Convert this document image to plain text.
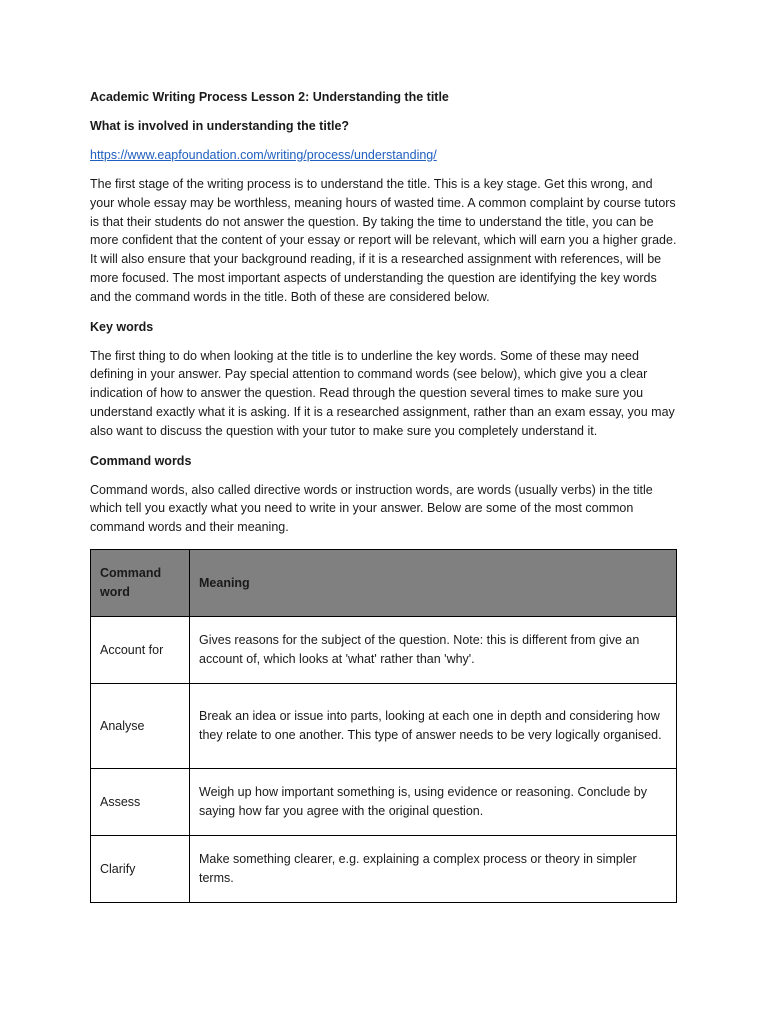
Academic Writing Process Lesson 2: Understanding the title
What is involved in understanding the title?
https://www.eapfoundation.com/writing/process/understanding/

The first stage of the writing process is to understand the title. This is a key stage. Get this wrong, and your whole essay may be worthless, meaning hours of wasted time. A common complaint by course tutors is that their students do not answer the question. By taking the time to understand the title, you can be more confident that the content of your essay or report will be relevant, which will earn you a higher grade. It will also ensure that your background reading, if it is a researched assignment with references, will be more focused. The most important aspects of understanding the question are identifying the key words and the command words in the title. Both of these are considered below.

Key words

The first thing to do when looking at the title is to underline the key words. Some of these may need defining in your answer. Pay special attention to command words (see below), which give you a clear indication of how to answer the question. Read through the question several times to make sure you understand exactly what it is asking. If it is a researched assignment, rather than an exam essay, you may also want to discuss the question with your tutor to make sure you completely understand it.

Command words

Command words, also called directive words or instruction words, are words (usually verbs) in the title which tell you exactly what you need to write in your answer. Below are some of the most common command words and their meaning.

Command word	Meaning
Account for	Gives reasons for the subject of the question. Note: this is different from give an account of, which looks at 'what' rather than 'why'.
Analyse	Break an idea or issue into parts, looking at each one in depth and considering how they relate to one another. This type of answer needs to be very logically organised.
Assess	Weigh up how important something is, using evidence or reasoning. Conclude by saying how far you agree with the original question.
Clarify	Make something clearer, e.g. explaining a complex process or theory in simpler terms.
